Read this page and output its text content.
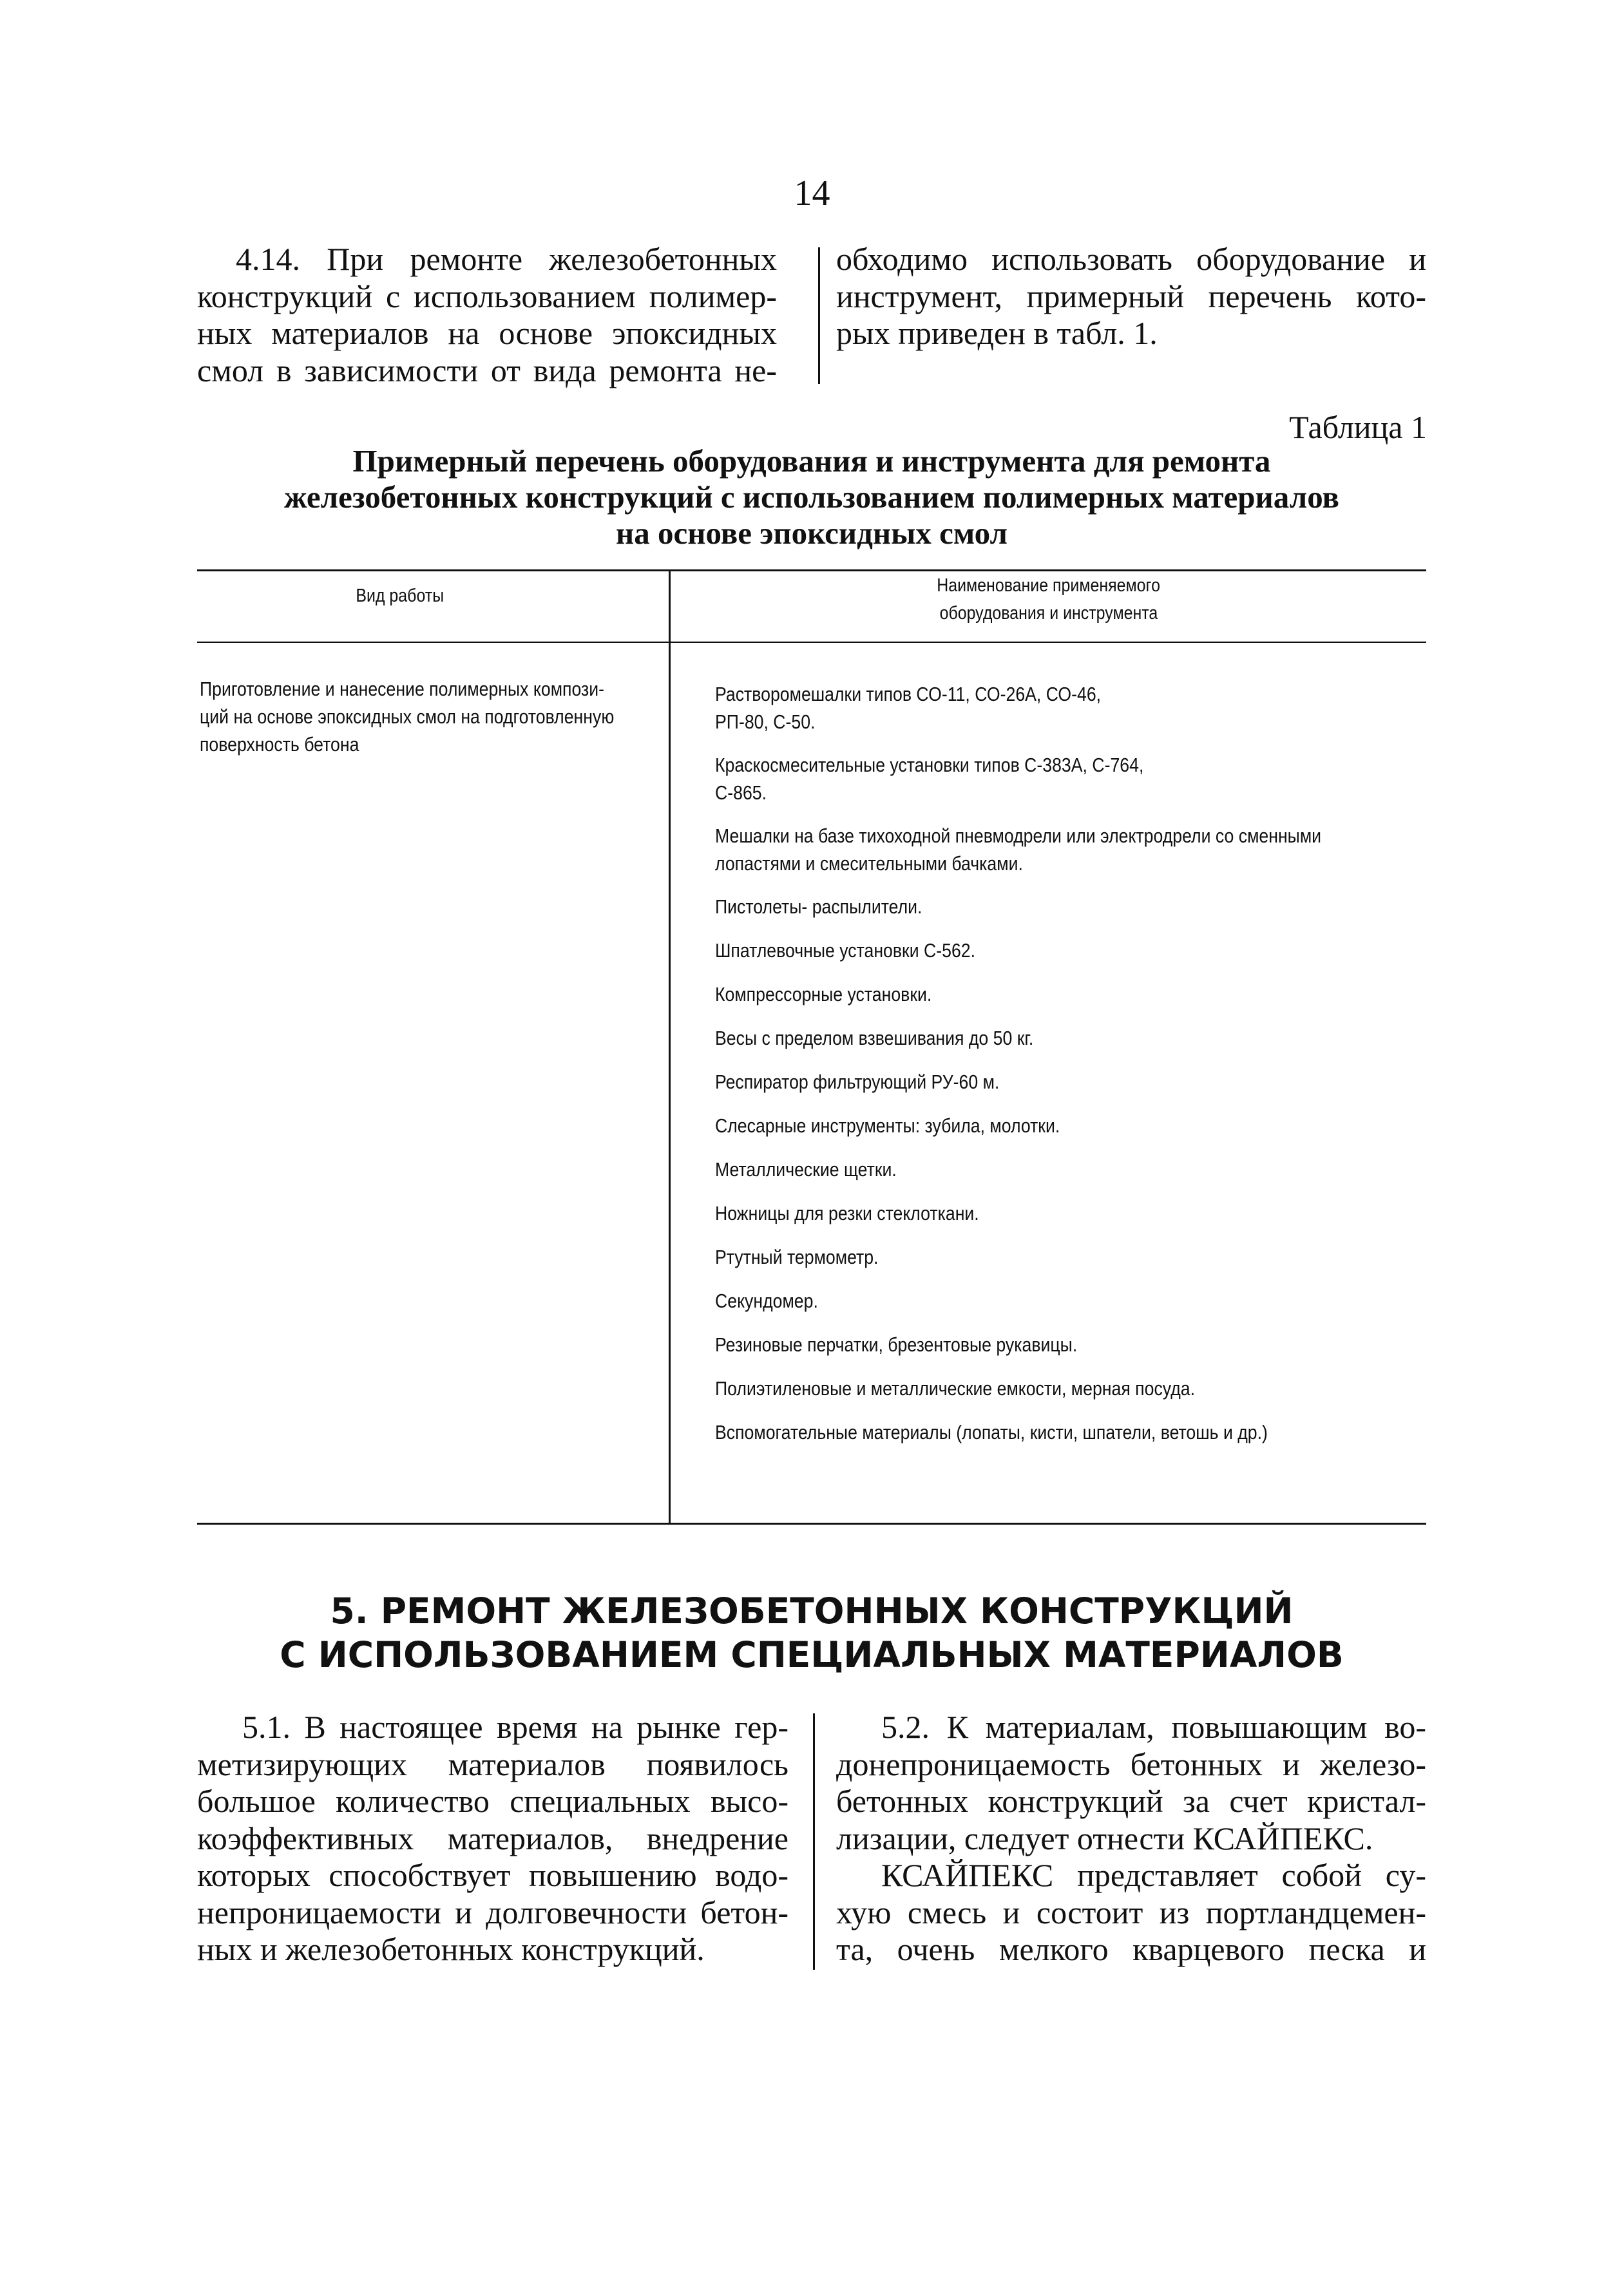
14
4.14. При ремонте железобетонных
конструкций с использованием полимер-
ных материалов на основе эпоксидных
смол в зависимости от вида ремонта не-
обходимо использовать оборудование и
инструмент, примерный перечень кото-
рых приведен в табл. 1.
Таблица 1
Примерный перечень оборудования и инструмента для ремонта
железобетонных конструкций с использованием полимерных материалов
на основе эпоксидных смол
Вид работы	Наименование применяемого
оборудования и инструмента
Приготовление и нанесение полимерных компози-
ций на основе эпоксидных смол на подготовленную
поверхность бетона
Растворомешалки типов СО-11, СО-26А, СО-46,
РП-80, С-50.
Краскосмесительные установки типов С-383А, С-764,
С-865.
Мешалки на базе тихоходной пневмодрели или электродрели со сменными
лопастями и смесительными бачками.
Пистолеты- распылители.
Шпатлевочные установки С-562.
Компрессорные установки.
Весы с пределом взвешивания до 50 кг.
Респиратор фильтрующий РУ-60 м.
Слесарные инструменты: зубила, молотки.
Металлические щетки.
Ножницы для резки стеклоткани.
Ртутный термометр.
Секундомер.
Резиновые перчатки, брезентовые рукавицы.
Полиэтиленовые и металлические емкости, мерная посуда.
Вспомогательные материалы (лопаты, кисти, шпатели, ветошь и др.)
5. РЕМОНТ ЖЕЛЕЗОБЕТОННЫХ КОНСТРУКЦИЙ
С ИСПОЛЬЗОВАНИЕМ СПЕЦИАЛЬНЫХ МАТЕРИАЛОВ
5.1. В настоящее время на рынке гер-
метизирующих материалов появилось
большое количество специальных высо-
коэффективных материалов, внедрение
которых способствует повышению водо-
непроницаемости и долговечности бетон-
ных и железобетонных конструкций.
5.2. К материалам, повышающим во-
донепроницаемость бетонных и железо-
бетонных конструкций за счет кристал-
лизации, следует отнести КСАЙПЕКС.
КСАЙПЕКС представляет собой су-
хую смесь и состоит из портландцемен-
та, очень мелкого кварцевого песка и
